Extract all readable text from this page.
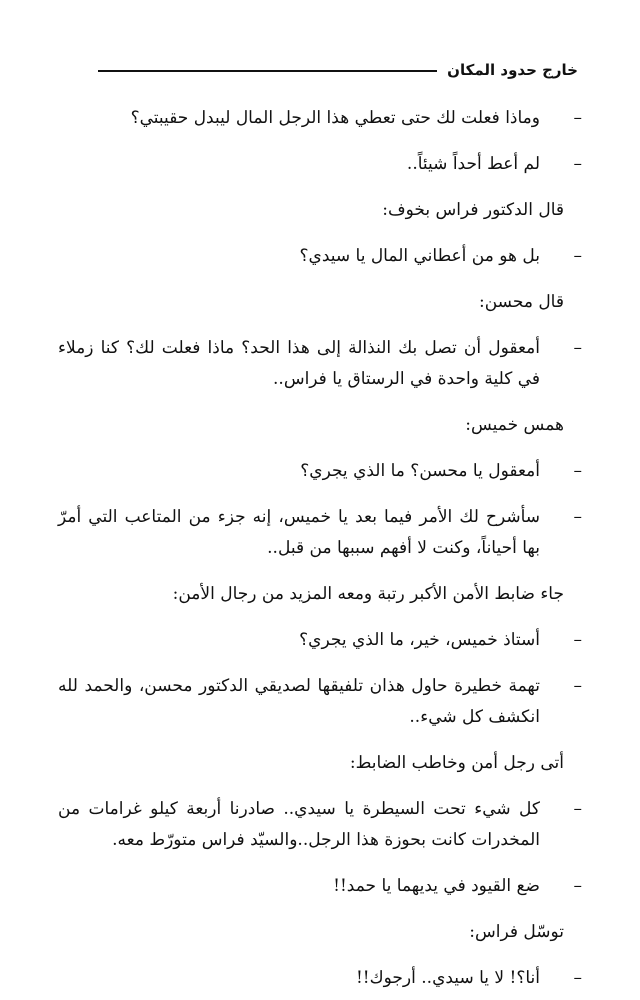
خارج حدود المكان
–
وماذا فعلت لك حتى تعطي هذا الرجل المال ليبدل حقيبتي؟
–
لم أعط أحداً شيئاً..
قال الدكتور فراس بخوف:
–
بل هو من أعطاني المال يا سيدي؟
قال محسن:
–
أمعقول أن تصل بك النذالة إلى هذا الحد؟ ماذا فعلت لك؟ كنا زملاء في كلية واحدة في الرستاق يا فراس..
همس خميس:
–
أمعقول يا محسن؟ ما الذي يجري؟
–
سأشرح لك الأمر فيما بعد يا خميس، إنه جزء من المتاعب التي أمرّ بها أحياناً، وكنت لا أفهم سببها من قبل..
جاء ضابط الأمن الأكبر رتبة ومعه المزيد من رجال الأمن:
–
أستاذ خميس، خير، ما الذي يجري؟
–
تهمة خطيرة حاول هذان تلفيقها لصديقي الدكتور محسن، والحمد لله انكشف كل شيء..
أتى رجل أمن وخاطب الضابط:
–
كل شيء تحت السيطرة يا سيدي.. صادرنا أربعة كيلو غرامات من المخدرات كانت بحوزة هذا الرجل..والسيّد فراس متورّط معه.
–
ضع القيود في يديهما يا حمد!!
توسّل فراس:
–
أنا؟! لا يا سيدي.. أرجوك!!
